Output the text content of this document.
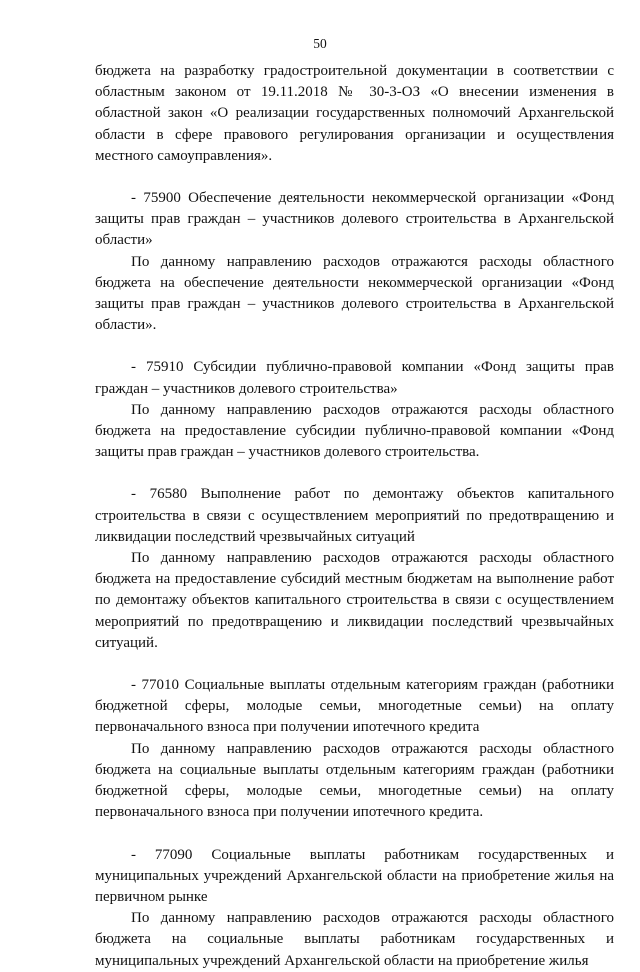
50

бюджета на разработку градостроительной документации в соответствии с областным законом от 19.11.2018 № 30-3-ОЗ «О внесении изменения в областной закон «О реализации государственных полномочий Архангельской области в сфере правового регулирования организации и осуществления местного самоуправления».

- 75900 Обеспечение деятельности некоммерческой организации «Фонд защиты прав граждан – участников долевого строительства в Архангельской области»

По данному направлению расходов отражаются расходы областного бюджета на обеспечение деятельности некоммерческой организации «Фонд защиты прав граждан – участников долевого строительства в Архангельской области».

- 75910 Субсидии публично-правовой компании «Фонд защиты прав граждан – участников долевого строительства»

По данному направлению расходов отражаются расходы областного бюджета на предоставление субсидии публично-правовой компании «Фонд защиты прав граждан – участников долевого строительства.

- 76580 Выполнение работ по демонтажу объектов капитального строительства в связи с осуществлением мероприятий по предотвращению и ликвидации последствий чрезвычайных ситуаций

По данному направлению расходов отражаются расходы областного бюджета на предоставление субсидий местным бюджетам на выполнение работ по демонтажу объектов капитального строительства в связи с осуществлением мероприятий по предотвращению и ликвидации последствий чрезвычайных ситуаций.

- 77010 Социальные выплаты отдельным категориям граждан (работники бюджетной сферы, молодые семьи, многодетные семьи) на оплату первоначального взноса при получении ипотечного кредита

По данному направлению расходов отражаются расходы областного бюджета на социальные выплаты отдельным категориям граждан (работники бюджетной сферы, молодые семьи, многодетные семьи) на оплату первоначального взноса при получении ипотечного кредита.

- 77090 Социальные выплаты работникам государственных и муниципальных учреждений Архангельской области на приобретение жилья на первичном рынке

По данному направлению расходов отражаются расходы областного бюджета на социальные выплаты работникам государственных и муниципальных учреждений Архангельской области на приобретение жилья
